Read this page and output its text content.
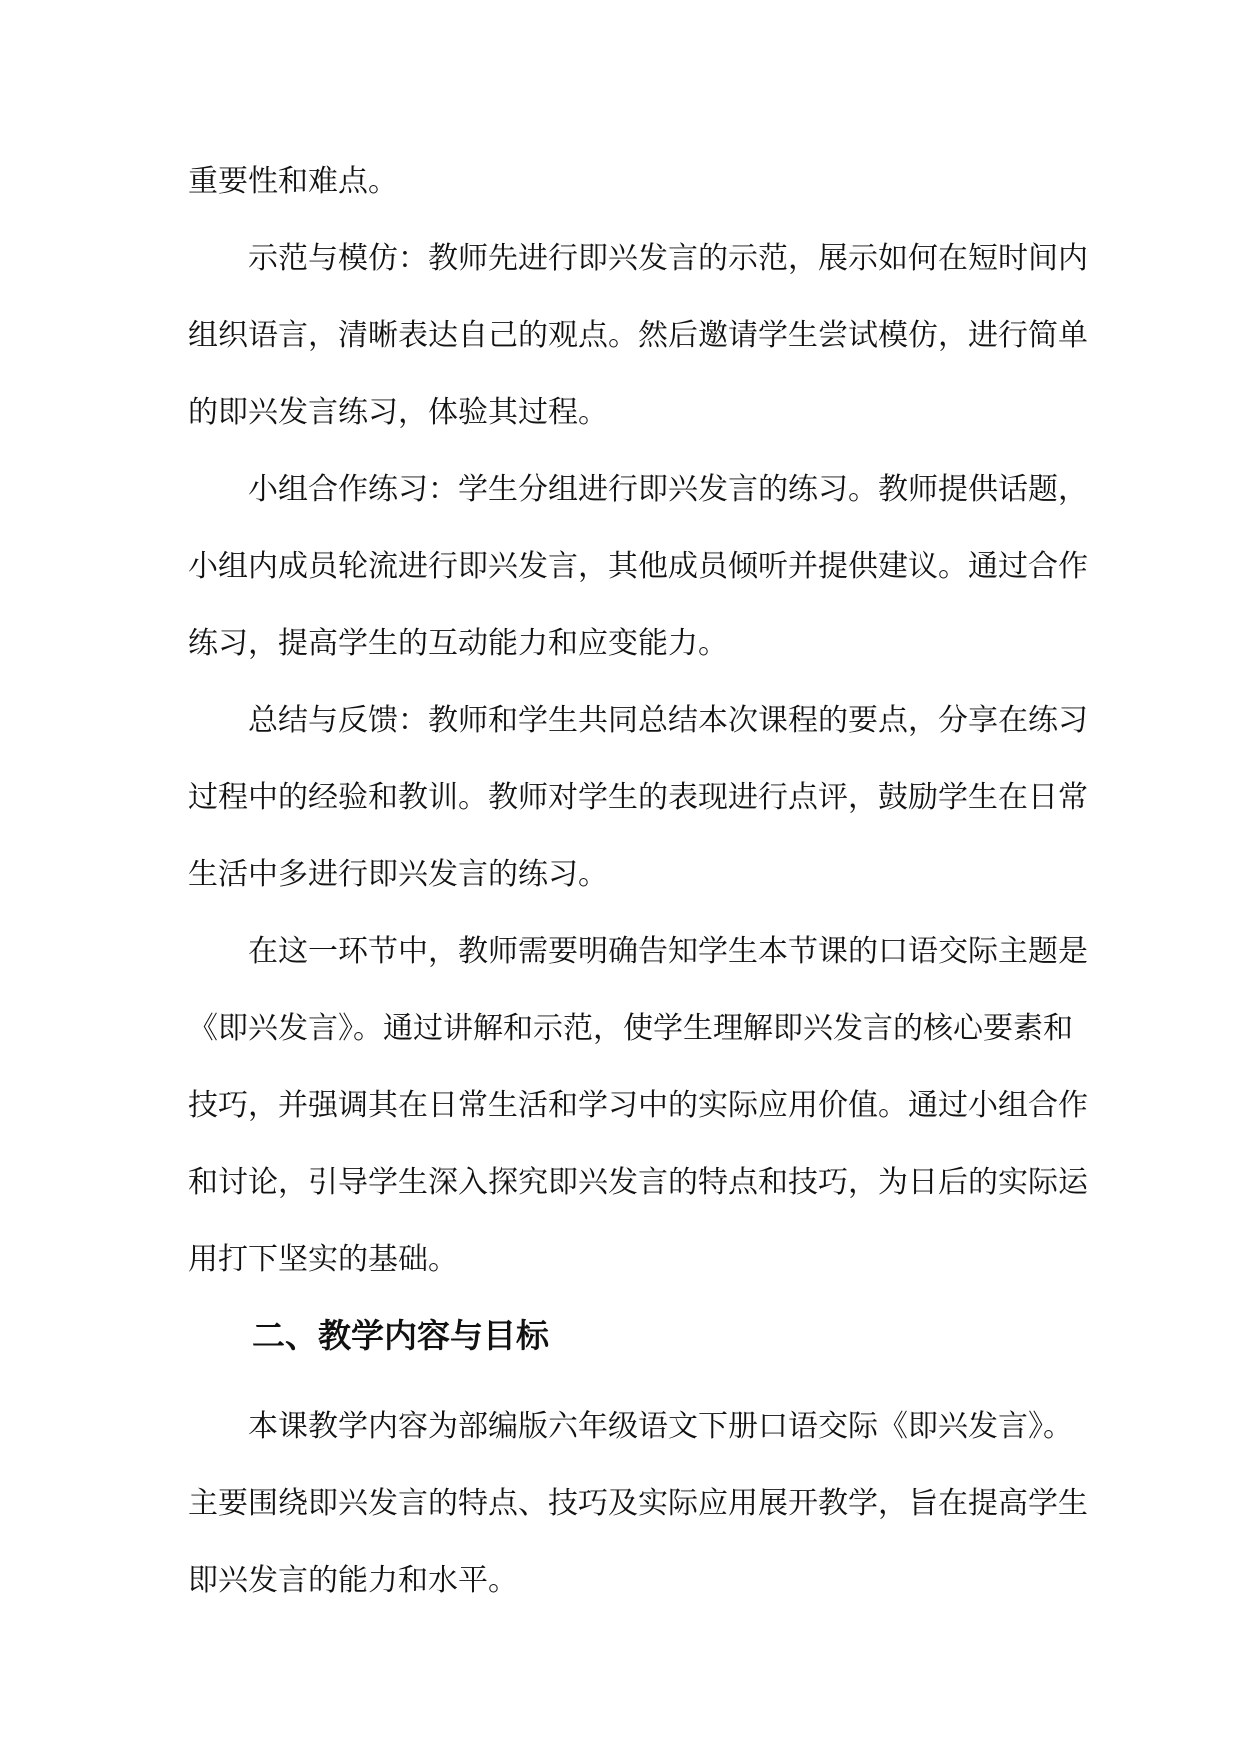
重要性和难点。
示范与模仿：教师先进行即兴发言的示范，展示如何在短时间内
组织语言，清晰表达自己的观点。然后邀请学生尝试模仿，进行简单
的即兴发言练习，体验其过程。
小组合作练习：学生分组进行即兴发言的练习。教师提供话题，
小组内成员轮流进行即兴发言，其他成员倾听并提供建议。通过合作
练习，提高学生的互动能力和应变能力。
总结与反馈：教师和学生共同总结本次课程的要点，分享在练习
过程中的经验和教训。教师对学生的表现进行点评，鼓励学生在日常
生活中多进行即兴发言的练习。
在这一环节中，教师需要明确告知学生本节课的口语交际主题是
《即兴发言》。通过讲解和示范，使学生理解即兴发言的核心要素和
技巧，并强调其在日常生活和学习中的实际应用价值。通过小组合作
和讨论，引导学生深入探究即兴发言的特点和技巧，为日后的实际运
用打下坚实的基础。
二、教学内容与目标
本课教学内容为部编版六年级语文下册口语交际《即兴发言》。
主要围绕即兴发言的特点、技巧及实际应用展开教学，旨在提高学生
即兴发言的能力和水平。
